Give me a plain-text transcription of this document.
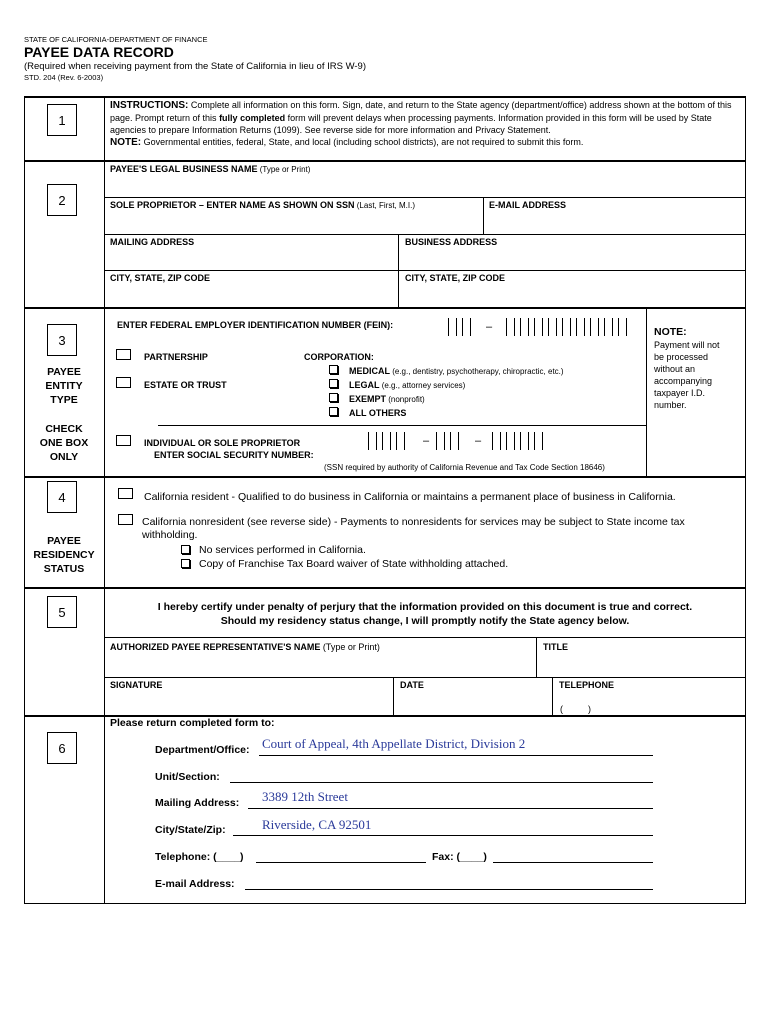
STATE OF CALIFORNIA-DEPARTMENT OF FINANCE
PAYEE DATA RECORD
(Required when receiving payment from the State of California in lieu of IRS W-9)
STD. 204 (Rev. 6-2003)
1
INSTRUCTIONS: Complete all information on this form. Sign, date, and return to the State agency (department/office) address shown at the bottom of this page. Prompt return of this fully completed form will prevent delays when processing payments. Information provided in this form will be used by State agencies to prepare Information Returns (1099). See reverse side for more information and Privacy Statement.
NOTE: Governmental entities, federal, State, and local (including school districts), are not required to submit this form.
2
PAYEE'S LEGAL BUSINESS NAME (Type or Print)
SOLE PROPRIETOR – ENTER NAME AS SHOWN ON SSN (Last, First, M.I.)	E-MAIL ADDRESS
MAILING ADDRESS	BUSINESS ADDRESS
CITY, STATE, ZIP CODE	CITY, STATE, ZIP CODE
3
PAYEE
ENTITY
TYPE
CHECK
ONE BOX
ONLY
ENTER FEDERAL EMPLOYER IDENTIFICATION NUMBER (FEIN):	–
PARTNERSHIP
ESTATE OR TRUST
CORPORATION:
MEDICAL (e.g., dentistry, psychotherapy, chiropractic, etc.)
LEGAL (e.g., attorney services)
EXEMPT (nonprofit)
ALL OTHERS
INDIVIDUAL OR SOLE PROPRIETOR
ENTER SOCIAL SECURITY NUMBER:
–	–
(SSN required by authority of California Revenue and Tax Code Section 18646)
NOTE:
Payment will not
be processed
without an
accompanying
taxpayer I.D.
number.
4
PAYEE
RESIDENCY
STATUS
California resident - Qualified to do business in California or maintains a permanent place of business in California.
California nonresident (see reverse side) - Payments to nonresidents for services may be subject to State income tax
withholding.
No services performed in California.
Copy of Franchise Tax Board waiver of State withholding attached.
5	I hereby certify under penalty of perjury that the information provided on this document is true and correct.
Should my residency status change, I will promptly notify the State agency below.
AUTHORIZED PAYEE REPRESENTATIVE'S NAME (Type or Print)	TITLE
SIGNATURE	DATE	TELEPHONE
(          )
6
Please return completed form to:
Department/Office: Court of Appeal, 4th Appellate District, Division 2
Unit/Section:
Mailing Address: 3389 12th Street
City/State/Zip:	Riverside, CA 92501
Telephone: (____)	Fax: (____)
E-mail Address:
